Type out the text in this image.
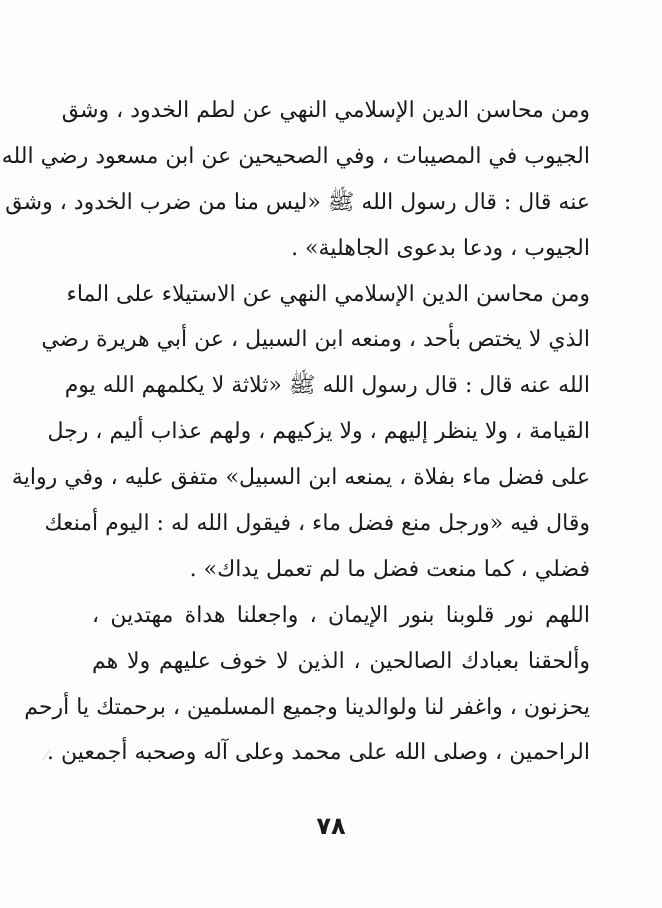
ومن محاسن الدين الإسلامي النهي عن لطم الخدود ، وشق
الجيوب في المصيبات ، وفي الصحيحين عن ابن مسعود رضي الله
عنه قال : قال رسول الله ﷺ «ليس منا من ضرب الخدود ، وشق
الجيوب ، ودعا بدعوى الجاهلية» .
ومن محاسن الدين الإسلامي النهي عن الاستيلاء على الماء
الذي لا يختص بأحد ، ومنعه ابن السبيل ، عن أبي هريرة رضي
الله عنه قال : قال رسول الله ﷺ «ثلاثة لا يكلمهم الله يوم
القيامة ، ولا ينظر إليهم ، ولا يزكيهم ، ولهم عذاب أليم ، رجل
على فضل ماء بفلاة ، يمنعه ابن السبيل» متفق عليه ، وفي رواية
وقال فيه «ورجل منع فضل ماء ، فيقول الله له : اليوم أمنعك
فضلي ، كما منعت فضل ما لم تعمل يداك» .
اللهم نور قلوبنا بنور الإيمان ، واجعلنا هداة مهتدين ،
وألحقنا بعبادك الصالحين ، الذين لا خوف عليهم ولا هم
يحزنون ، واغفر لنا ولوالدينا وجميع المسلمين ، برحمتك يا أرحم
الراحمين ، وصلى الله على محمد وعلى آله وصحبه أجمعين .
٧٨
